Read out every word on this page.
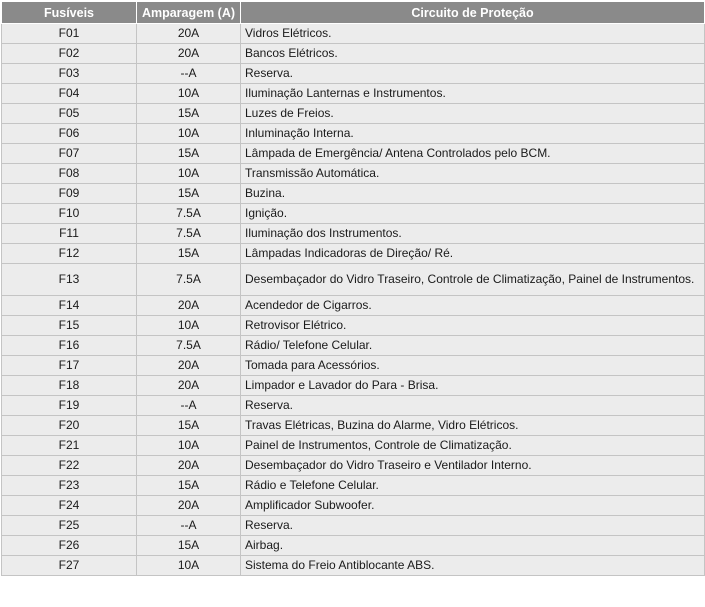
Fusíveis	Amparagem (A)	Circuito de Proteção
F01	20A	Vidros Elétricos.
F02	20A	Bancos Elétricos.
F03	--A	Reserva.
F04	10A	Iluminação Lanternas e Instrumentos.
F05	15A	Luzes de Freios.
F06	10A	Inluminação Interna.
F07	15A	Lâmpada de Emergência/ Antena Controlados pelo BCM.
F08	10A	Transmissão Automática.
F09	15A	Buzina.
F10	7.5A	Ignição.
F11	7.5A	Iluminação dos Instrumentos.
F12	15A	Lâmpadas Indicadoras de Direção/ Ré.
F13	7.5A	Desembaçador do Vidro Traseiro, Controle de Climatização, Painel de Instrumentos.
F14	20A	Acendedor de Cigarros.
F15	10A	Retrovisor Elétrico.
F16	7.5A	Rádio/ Telefone Celular.
F17	20A	Tomada para Acessórios.
F18	20A	Limpador e Lavador do Para - Brisa.
F19	--A	Reserva.
F20	15A	Travas Elétricas, Buzina do Alarme, Vidro Elétricos.
F21	10A	Painel de Instrumentos, Controle de Climatização.
F22	20A	Desembaçador do Vidro Traseiro e Ventilador Interno.
F23	15A	Rádio e Telefone Celular.
F24	20A	Amplificador Subwoofer.
F25	--A	Reserva.
F26	15A	Airbag.
F27	10A	Sistema do Freio Antiblocante ABS.
